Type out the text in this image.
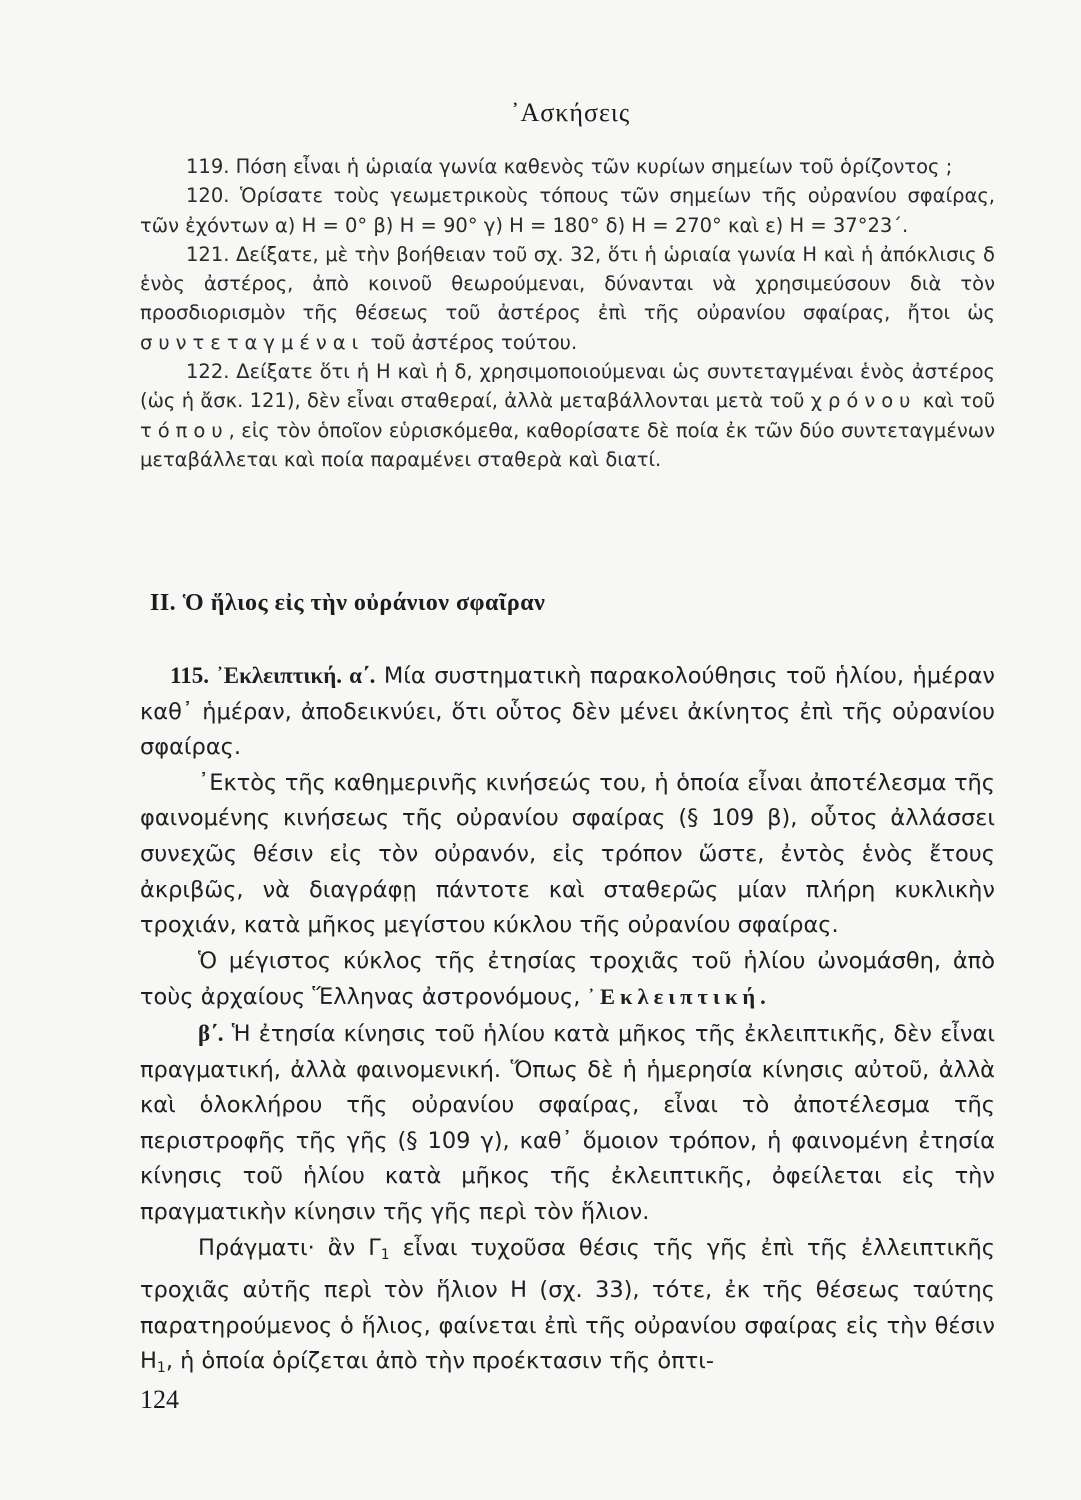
᾿Ασκήσεις

119. Πόση εἶναι ἡ ὡριαία γωνία καθενὸς τῶν κυρίων σημείων τοῦ ὁρίζοντος ;

120. Ὁρίσατε τοὺς γεωμετρικοὺς τόπους τῶν σημείων τῆς οὐρανίου σφαίρας, τῶν ἐχόντων α) Η = 0° β) Η = 90° γ) Η = 180° δ) Η = 270° καὶ ε) Η = 37°23΄.

121. Δείξατε, μὲ τὴν βοήθειαν τοῦ σχ. 32, ὅτι ἡ ὡριαία γωνία Η καὶ ἡ ἀπόκλισις δ ἑνὸς ἀστέρος, ἀπὸ κοινοῦ θεωρούμεναι, δύνανται νὰ χρησιμεύσουν διὰ τὸν προσδιορισμὸν τῆς θέσεως τοῦ ἀστέρος ἐπὶ τῆς οὐρανίου σφαίρας, ἤτοι ὡς συντεταγμέναι τοῦ ἀστέρος τούτου.

122. Δείξατε ὅτι ἡ Η καὶ ἡ δ, χρησιμοποιούμεναι ὡς συντεταγμέναι ἑνὸς ἀστέρος (ὡς ἡ ἄσκ. 121), δὲν εἶναι σταθεραί, ἀλλὰ μεταβάλλονται μετὰ τοῦ χρόνου καὶ τοῦ τόπου, εἰς τὸν ὁποῖον εὑρισκόμεθα, καθορίσατε δὲ ποία ἐκ τῶν δύο συντεταγμένων μεταβάλλεται καὶ ποία παραμένει σταθερὰ καὶ διατί.

ΙΙ. Ὁ ἥλιος εἰς τὴν οὐράνιον σφαῖραν

115. ᾿Εκλειπτική. α΄. Μία συστηματικὴ παρακολούθησις τοῦ ἡλίου, ἡμέραν καθ᾿ ἡμέραν, ἀποδεικνύει, ὅτι οὗτος δὲν μένει ἀκίνητος ἐπὶ τῆς οὐρανίου σφαίρας.

᾿Εκτὸς τῆς καθημερινῆς κινήσεώς του, ἡ ὁποία εἶναι ἀποτέλεσμα τῆς φαινομένης κινήσεως τῆς οὐρανίου σφαίρας (§ 109 β), οὗτος ἀλλάσσει συνεχῶς θέσιν εἰς τὸν οὐρανόν, εἰς τρόπον ὥστε, ἐντὸς ἑνὸς ἔτους ἀκριβῶς, νὰ διαγράφῃ πάντοτε καὶ σταθερῶς μίαν πλήρη κυκλικὴν τροχιάν, κατὰ μῆκος μεγίστου κύκλου τῆς οὐρανίου σφαίρας.

Ὁ μέγιστος κύκλος τῆς ἐτησίας τροχιᾶς τοῦ ἡλίου ὠνομάσθη, ἀπὸ τοὺς ἀρχαίους Ἕλληνας ἀστρονόμους, ᾿Εκλειπτική.

β΄. Ἡ ἐτησία κίνησις τοῦ ἡλίου κατὰ μῆκος τῆς ἐκλειπτικῆς, δὲν εἶναι πραγματική, ἀλλὰ φαινομενική. Ὅπως δὲ ἡ ἡμερησία κίνησις αὐτοῦ, ἀλλὰ καὶ ὁλοκλήρου τῆς οὐρανίου σφαίρας, εἶναι τὸ ἀποτέλεσμα τῆς περιστροφῆς τῆς γῆς (§ 109 γ), καθ᾿ ὅμοιον τρόπον, ἡ φαινομένη ἐτησία κίνησις τοῦ ἡλίου κατὰ μῆκος τῆς ἐκλειπτικῆς, ὀφείλεται εἰς τὴν πραγματικὴν κίνησιν τῆς γῆς περὶ τὸν ἥλιον.

Πράγματι· ἂν $\Gamma_1$ εἶναι τυχοῦσα θέσις τῆς γῆς ἐπὶ τῆς ἐλλειπτικῆς τροχιᾶς αὐτῆς περὶ τὸν ἥλιον Η (σχ. 33), τότε, ἐκ τῆς θέσεως ταύτης παρατηρούμενος ὁ ἥλιος, φαίνεται ἐπὶ τῆς οὐρανίου σφαίρας εἰς τὴν θέσιν $H_1$, ἡ ὁποία ὁρίζεται ἀπὸ τὴν προέκτασιν τῆς ὀπτι-

124
